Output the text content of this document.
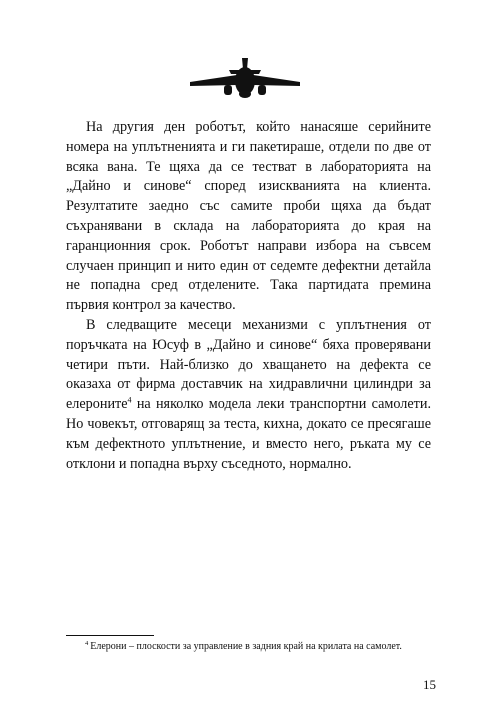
На другия ден роботът, който нанасяше серийните номера на уплътненията и ги пакетираше, отдели по две от всяка вана. Те щяха да се тестват в лабораторията на „Дайно и синове“ според изискванията на клиента. Резултатите заедно със самите проби щяха да бъдат съхранявани в склада на лабораторията до края на гаранционния срок. Роботът направи избора на съвсем случаен принцип и нито един от седемте дефектни детайла не попадна сред отделените. Така партидата премина първия контрол за качество.

В следващите месеци механизми с уплътнения от поръчката на Юсуф в „Дайно и синове“ бяха проверявани четири пъти. Най-близко до хващането на дефекта се оказаха от фирма доставчик на хидравлични цилиндри за елероните$^4$ на няколко модела леки транспортни самолети. Но човекът, отговарящ за теста, кихна, докато се пресягаше към дефектното уплътнение, и вместо него, ръката му се отклони и попадна върху съседното, нормално.

4 Елерони – плоскости за управление в задния край на крилата на самолет.
15
